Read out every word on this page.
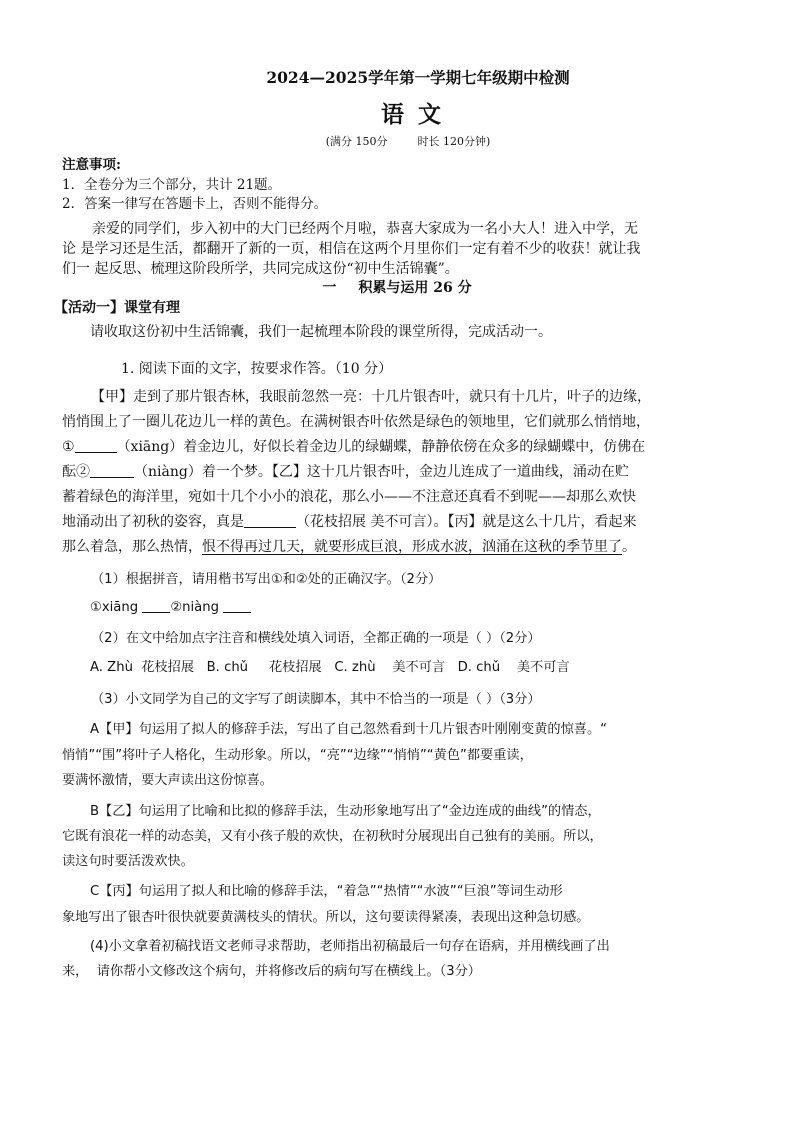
2024—2025学年第一学期七年级期中检测
语文
(满分 150分	时长 120分钟)
注意事项:
1．全卷分为三个部分，共计 21题。
2．答案一律写在答题卡上，否则不能得分。
亲爱的同学们，步入初中的大门已经两个月啦，恭喜大家成为一名小大人！进入中学，无
论 是学习还是生活，都翻开了新的一页，相信在这两个月里你们一定有着不少的收获！就让我
们一 起反思、梳理这阶段所学，共同完成这份“初中生活锦囊”。
一 积累与运用 26 分
【活动一】课堂有理
请收取这份初中生活锦囊，我们一起梳理本阶段的课堂所得，完成活动一。
1. 阅读下面的文字，按要求作答。（10 分）
【甲】走到了那片银杏林，我眼前忽然一亮：十几片银杏叶，就只有十几片，叶子的边缘，
悄悄围上了一圈儿花边儿一样的黄色。在满树银杏叶依然是绿色的领地里，它们就那么悄悄地，
①	（xiāng）着金边儿，好似长着金边儿的绿蝴蝶，静静依傍在众多的绿蝴蝶中，仿佛在
酝②	（niàng）着一个梦。【乙】这十几片银杏叶，金边儿连成了一道曲线，涌动在贮
蓄着绿色的海洋里，宛如十几个小小的浪花，那么小——不注意还真看不到呢——却那么欢快
地涌动出了初秋的姿容，真是	（花枝招展 美不可言）。【丙】就是这么十几片，看起来
那么着急，那么热情，恨不得再过几天，就要形成巨浪，形成水波，汹涌在这秋的季节里了。
（1）根据拼音，请用楷书写出①和②处的正确汉字。（2分）
①xiāng ②niàng
（2）在文中给加点字注音和横线处填入词语，全都正确的一项是（ ）（2分）
A. Zhù  花枝招展   B. chǔ     花枝招展   C. zhù    美不可言   D. chǔ    美不可言
（3）小文同学为自己的文字写了朗读脚本，其中不恰当的一项是（ ）（3分）
A【甲】句运用了拟人的修辞手法，写出了自己忽然看到十几片银杏叶刚刚变黄的惊喜。“
悄悄”“围”将叶子人格化，生动形象。所以，“亮”“边缘”“悄悄”“黄色”都要重读，
要满怀激情，要大声读出这份惊喜。
B【乙】句运用了比喻和比拟的修辞手法，生动形象地写出了“金边连成的曲线”的情态，
它既有浪花一样的动态美，又有小孩子般的欢快，在初秋时分展现出自己独有的美丽。所以，
读这句时要活泼欢快。
C【丙】句运用了拟人和比喻的修辞手法，“着急”“热情”“水波”“巨浪”等词生动形
象地写出了银杏叶很快就要黄满枝头的情状。所以，这句要读得紧凑，表现出这种急切感。
(4)小文拿着初稿找语文老师寻求帮助，老师指出初稿最后一句存在语病，并用横线画了出
来，  请你帮小文修改这个病句，并将修改后的病句写在横线上。（3分）
